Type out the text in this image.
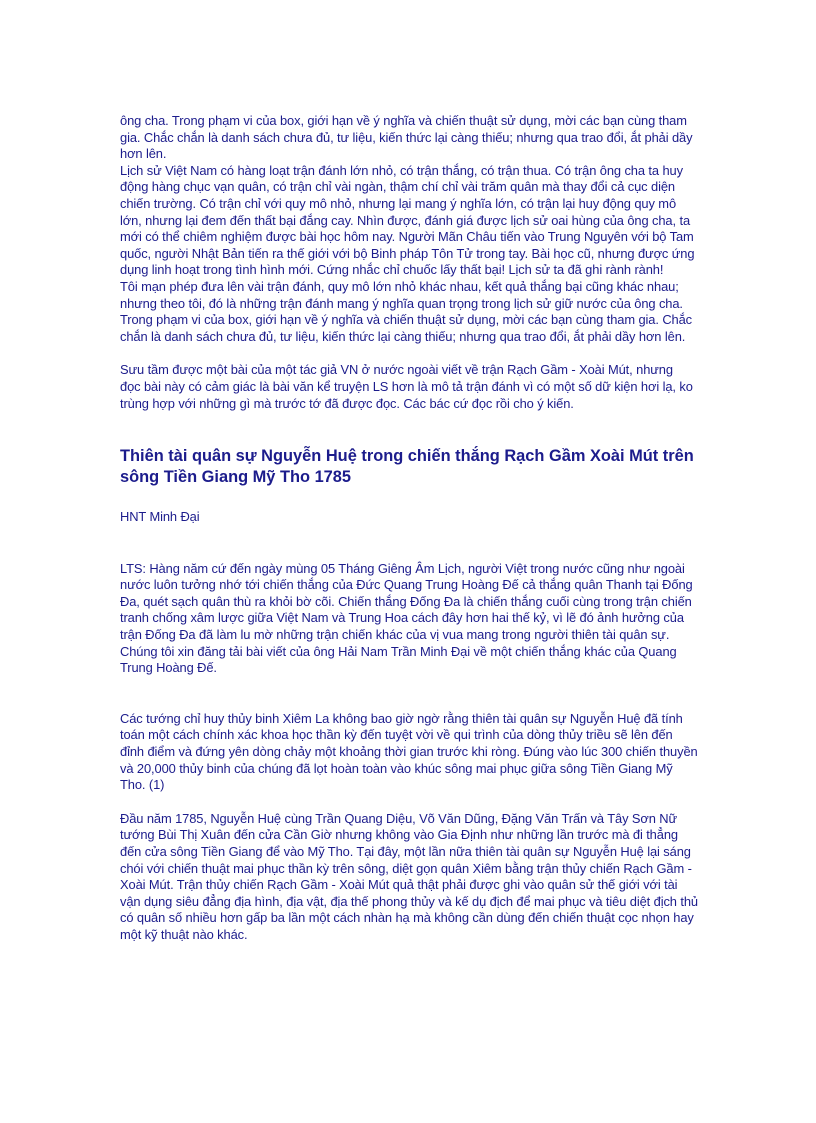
ông cha. Trong phạm vi của box, giới hạn về ý nghĩa và chiến thuật sử dụng, mời các bạn cùng tham gia. Chắc chắn là danh sách chưa đủ, tư liệu, kiến thức lại càng thiếu; nhưng qua trao đổi, ắt phải dầy hơn lên.

Lịch sử Việt Nam có hàng loạt trận đánh lớn nhỏ, có trận thắng, có trận thua. Có trận ông cha ta huy động hàng chục vạn quân, có trận chỉ vài ngàn, thậm chí chỉ vài trăm quân mà thay đổi cả cục diện chiến trường. Có trận chỉ với quy mô nhỏ, nhưng lại mang ý nghĩa lớn, có trận lại huy động quy mô lớn, nhưng lại đem đến thất bại đắng cay. Nhìn được, đánh giá được lịch sử oai hùng của ông cha, ta mới có thể chiêm nghiệm được bài học hôm nay. Người Mãn Châu tiến vào Trung Nguyên với bộ Tam quốc, người Nhật Bản tiến ra thế giới với bộ Binh pháp Tôn Tử trong tay. Bài học cũ, nhưng được ứng dụng linh hoạt trong tình hình mới. Cứng nhắc chỉ chuốc lấy thất bại! Lịch sử ta đã ghi rành rành!

Tôi mạn phép đưa lên vài trận đánh, quy mô lớn nhỏ khác nhau, kết quả thắng bại cũng khác nhau; nhưng theo tôi, đó là những trận đánh mang ý nghĩa quan trọng trong lịch sử giữ nước của ông cha. Trong phạm vi của box, giới hạn về ý nghĩa và chiến thuật sử dụng, mời các bạn cùng tham gia. Chắc chắn là danh sách chưa đủ, tư liệu, kiến thức lại càng thiếu; nhưng qua trao đổi, ắt phải dầy hơn lên.

Sưu tầm được một bài của một tác giả VN ở nước ngoài viết về trận Rạch Gầm - Xoài Mút, nhưng đọc bài này có cảm giác là bài văn kể truyện LS hơn là mô tả trận đánh vì có một số dữ kiện hơi lạ, ko trùng hợp với những gì mà trước tớ đã được đọc. Các bác cứ đọc rồi cho ý kiến.

Thiên tài quân sự Nguyễn Huệ trong chiến thắng Rạch Gầm Xoài Mút trên sông Tiền Giang Mỹ Tho 1785

HNT Minh Đại

LTS: Hàng năm cứ đến ngày mùng 05 Tháng Giêng Âm Lịch, người Việt trong nước cũng như ngoài nước luôn tưởng nhớ tới chiến thắng của Đức Quang Trung Hoàng Đế cả thắng quân Thanh tại Đống Đa, quét sạch quân thù ra khỏi bờ cõi. Chiến thắng Đống Đa là chiến thắng cuối cùng trong trận chiến tranh chống xâm lược giữa Việt Nam và Trung Hoa cách đây hơn hai thế kỷ, vì lẽ đó ảnh hưởng của trận Đống Đa đã làm lu mờ những trận chiến khác của vị vua mang trong người thiên tài quân sự. Chúng tôi xin đăng tải bài viết của ông Hải Nam Trần Minh Đại về một chiến thắng khác của Quang Trung Hoàng Đế.

Các tướng chỉ huy thủy binh Xiêm La không bao giờ ngờ rằng thiên tài quân sự Nguyễn Huệ đã tính toán một cách chính xác khoa học thần kỳ đến tuyệt vời về qui trình của dòng thủy triều sẽ lên đến đỉnh điểm và đứng yên dòng chảy một khoảng thời gian trước khi ròng. Đúng vào lúc 300 chiến thuyền và 20,000 thủy binh của chúng đã lọt hoàn toàn vào khúc sông mai phục giữa sông Tiền Giang Mỹ Tho. (1)

Đầu năm 1785, Nguyễn Huệ cùng Trần Quang Diệu, Võ Văn Dũng, Đặng Văn Trấn và Tây Sơn Nữ tướng Bùi Thị Xuân đến cửa Cần Giờ nhưng không vào Gia Định như những lần trước mà đi thẳng đến cửa sông Tiền Giang để vào Mỹ Tho. Tại đây, một lần nữa thiên tài quân sự Nguyễn Huệ lại sáng chói với chiến thuật mai phục thần kỳ trên sông, diệt gọn quân Xiêm bằng trận thủy chiến Rạch Gầm - Xoài Mút. Trận thủy chiến Rạch Gầm - Xoài Mút quả thật phải được ghi vào quân sử thế giới với tài vận dụng siêu đẳng địa hình, địa vật, địa thế phong thủy và kế dụ địch để mai phục và tiêu diệt địch thủ có quân số nhiều hơn gấp ba lần một cách nhàn hạ mà không cần dùng đến chiến thuật cọc nhọn hay một kỹ thuật nào khác.
